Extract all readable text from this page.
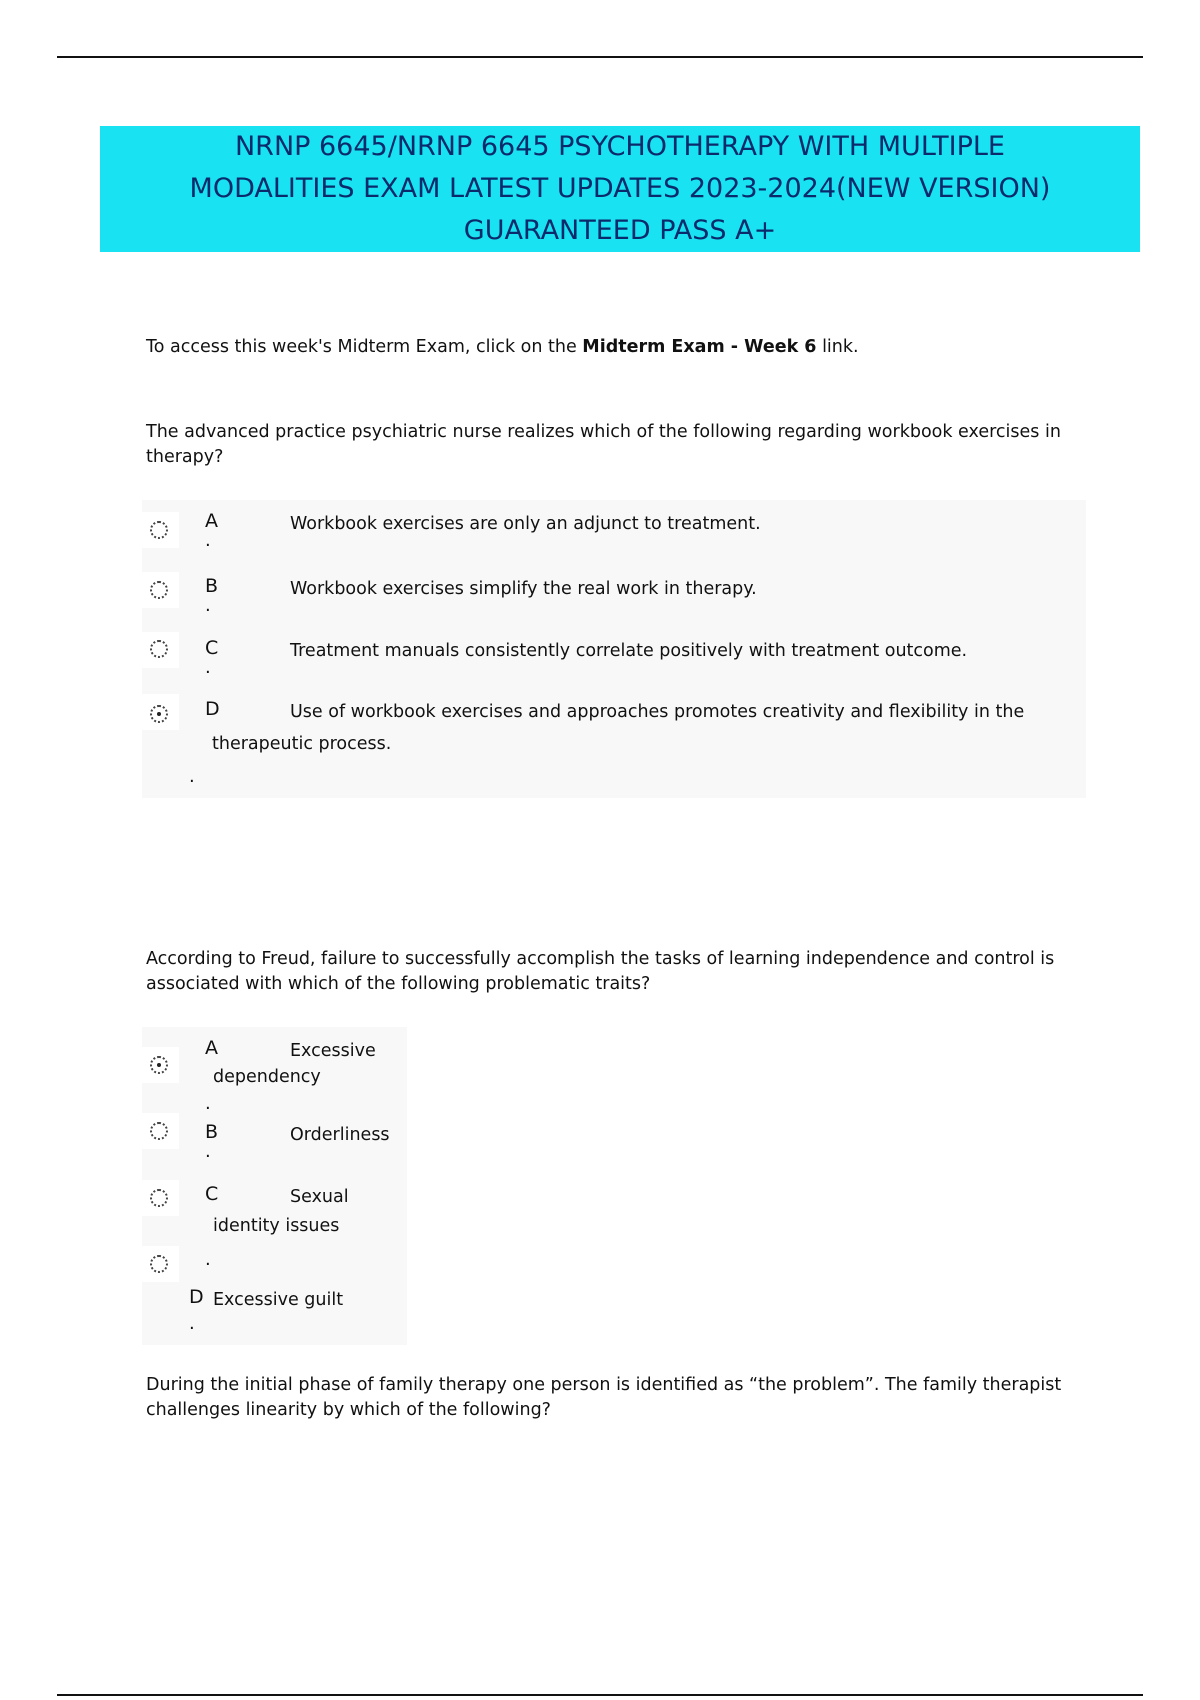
NRNP 6645/NRNP 6645 PSYCHOTHERAPY WITH MULTIPLE
MODALITIES EXAM LATEST UPDATES 2023-2024(NEW VERSION)
GUARANTEED PASS A+
To access this week's Midterm Exam, click on the Midterm Exam - Week 6 link.
The advanced practice psychiatric nurse realizes which of the following regarding workbook exercises in therapy?
A
.
Workbook exercises are only an adjunct to treatment.
B
.
Workbook exercises simplify the real work in therapy.
C
.
Treatment manuals consistently correlate positively with treatment outcome.
D	Use of workbook exercises and approaches promotes creativity and flexibility in the
therapeutic process.
.
According to Freud, failure to successfully accomplish the tasks of learning independence and control is associated with which of the following problematic traits?
A	Excessive
dependency
.
B
.
Orderliness
C	Sexual
identity issues
.
D Excessive guilt
.
During the initial phase of family therapy one person is identified as “the problem”. The family therapist challenges linearity by which of the following?
